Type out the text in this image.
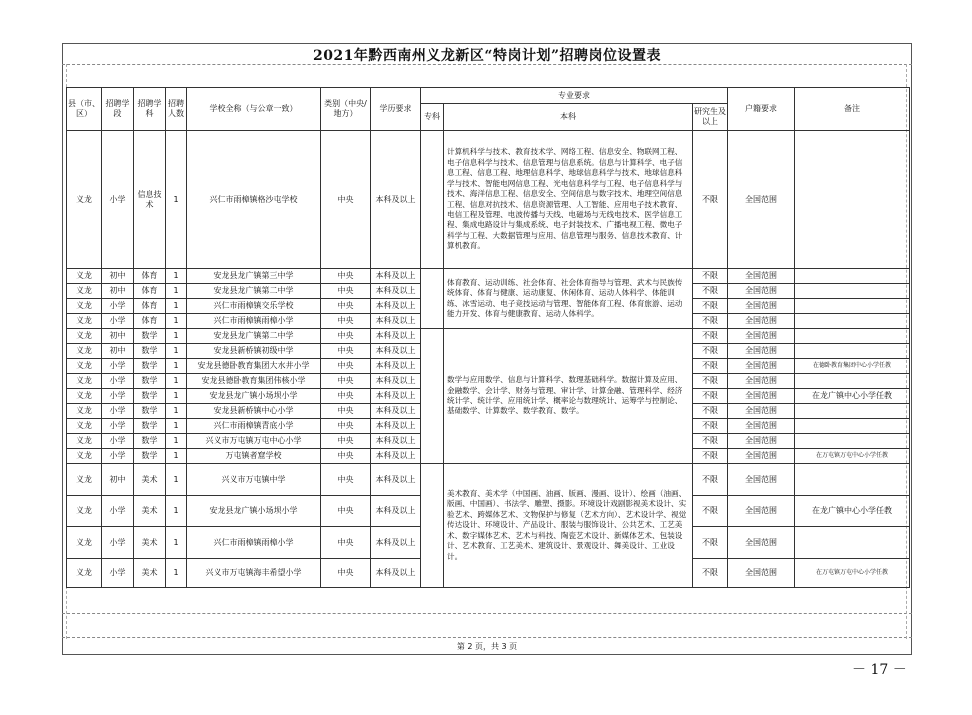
2021年黔西南州义龙新区“特岗计划”招聘岗位设置表
县（市、区）	招聘学段	招聘学科	招聘人数	学校全称（与公章一致）	类别（中央/地方）	学历要求	专业要求			户籍要求	备注
							专科	本科	研究生及以上		
义龙	小学	信息技术	1	兴仁市雨樟镇格沙屯学校	中央	本科及以上		计算机科学与技术、教育技术学、网络工程、信息安全、物联网工程、电子信息科学与技术、信息管理与信息系统。信息与计算科学、电子信息工程、信息工程、地理信息科学、地球信息科学与技术、地球信息科学与技术、智能电网信息工程、光电信息科学与工程、电子信息科学与技术、海洋信息工程、信息安全、空间信息与数字技术、地理空间信息工程、信息对抗技术、信息资源管理、人工智能、应用电子技术教育、电信工程及管理、电波传播与天线、电磁场与无线电技术、医学信息工程、集成电路设计与集成系统、电子封装技术、广播电视工程、微电子科学与工程、大数据管理与应用、信息管理与服务、信息技术教育、计算机教育。	不限	全国范围	
义龙	初中	体育	1	安龙县龙广镇第三中学	中央	本科及以上		体育教育、运动训练、社会体育、社会体育指导与管理、武术与民族传统体育、体育与健康、运动康复、休闲体育、运动人体科学、体能训练、冰雪运动、电子竞技运动与管理、智能体育工程、体育旅游、运动能力开发、体育与健康教育、运动人体科学。	不限	全国范围	
义龙	初中	体育	1	安龙县龙广镇第二中学	中央	本科及以上			不限	全国范围	
义龙	小学	体育	1	兴仁市雨樟镇交乐学校	中央	本科及以上			不限	全国范围	
义龙	小学	体育	1	兴仁市雨樟镇雨樟小学	中央	本科及以上			不限	全国范围	
义龙	初中	数学	1	安龙县龙广镇第二中学	中央	本科及以上		数学与应用数学、信息与计算科学、数理基础科学。数据计算及应用、金融数学、会计学、财务与管理、审计学、计算金融、管理科学、经济统计学、统计学、应用统计学、概率论与数理统计、运筹学与控制论、基础数学、计算数学、数学教育、数学。	不限	全国范围	
义龙	初中	数学	1	安龙县新桥镇初级中学	中央	本科及以上			不限	全国范围	
义龙	小学	数学	1	安龙县德卧教育集团大水井小学	中央	本科及以上			不限	全国范围	在德卧教育集团中心小学任教
义龙	小学	数学	1	安龙县德卧教育集团伟核小学	中央	本科及以上			不限	全国范围	
义龙	小学	数学	1	安龙县龙广镇小场坝小学	中央	本科及以上			不限	全国范围	在龙广镇中心小学任教
义龙	小学	数学	1	安龙县新桥镇中心小学	中央	本科及以上			不限	全国范围	
义龙	小学	数学	1	兴仁市雨樟镇青底小学	中央	本科及以上			不限	全国范围	
义龙	小学	数学	1	兴义市万屯镇万屯中心小学	中央	本科及以上			不限	全国范围	
义龙	小学	数学	1	万屯镇者窟学校	中央	本科及以上			不限	全国范围	在万屯镇万屯中心小学任教
义龙	初中	美术	1	兴义市万屯镇中学	中央	本科及以上		美术教育、美术学（中国画、油画、版画、漫画、设计）、绘画（油画、版画、中国画）、书法学、雕塑、摄影。环境设计戏剧影视美术设计、实验艺术、跨媒体艺术、文物保护与修复（艺术方向）、艺术设计学、视觉传达设计、环境设计、产品设计、服装与服饰设计、公共艺术、工艺美术、数字媒体艺术、艺术与科技、陶瓷艺术设计、新媒体艺术、包装设计、艺术教育、工艺美术、建筑设计、景观设计、舞美设计、工业设计。	不限	全国范围	
义龙	小学	美术	1	安龙县龙广镇小场坝小学	中央	本科及以上			不限	全国范围	在龙广镇中心小学任教
义龙	小学	美术	1	兴仁市雨樟镇雨樟小学	中央	本科及以上			不限	全国范围	
义龙	小学	美术	1	兴义市万屯镇海丰希望小学	中央	本科及以上			不限	全国范围	在万屯镇万屯中心小学任教
第 2 页，共 3 页
－ 17 －
